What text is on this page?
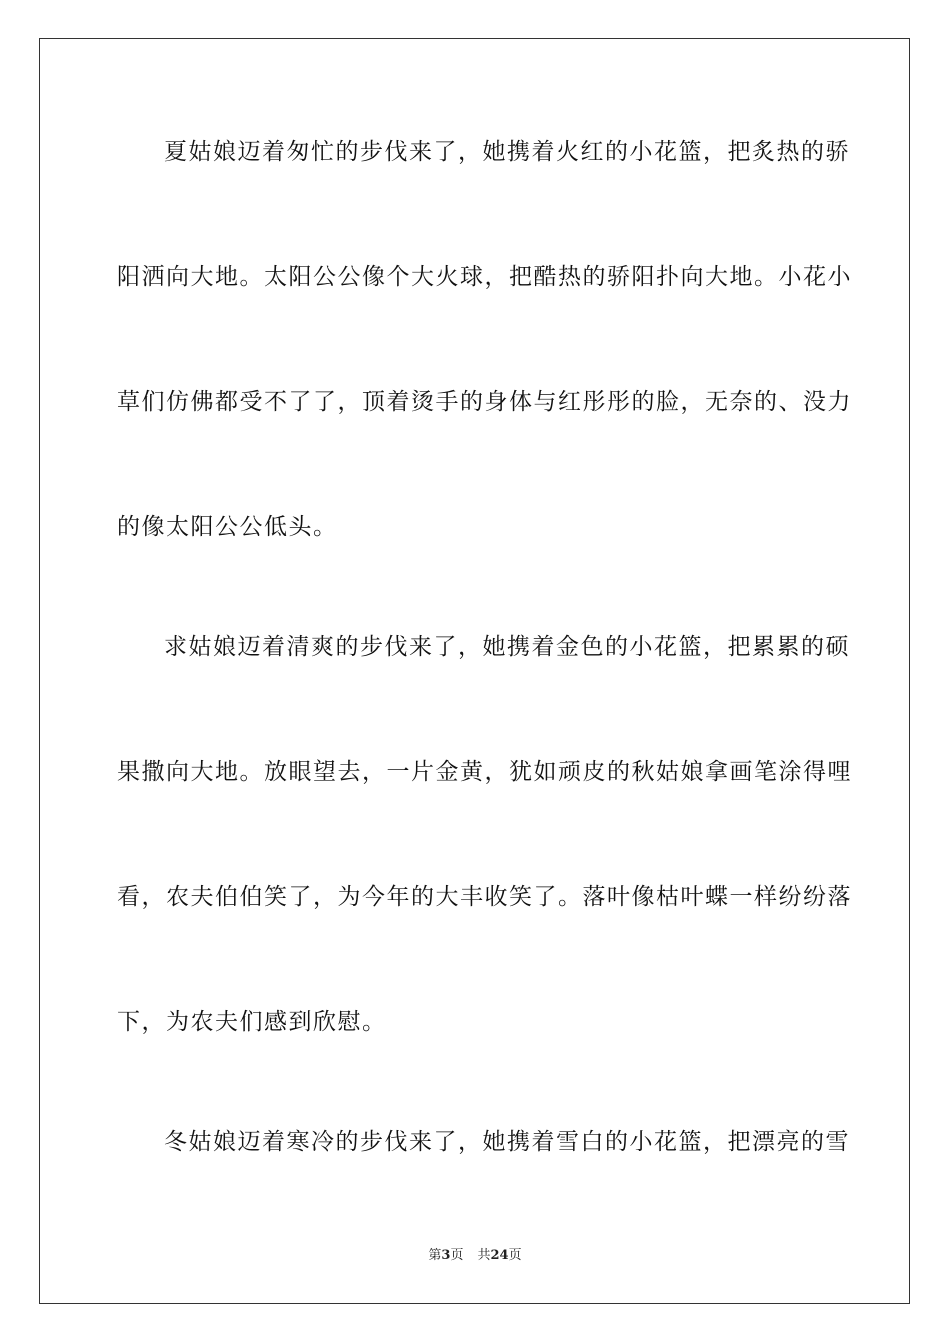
夏姑娘迈着匆忙的步伐来了，她携着火红的小花篮，把炙热的骄
阳洒向大地。太阳公公像个大火球，把酷热的骄阳扑向大地。小花小
草们仿佛都受不了了，顶着烫手的身体与红彤彤的脸，无奈的、没力
的像太阳公公低头。
求姑娘迈着清爽的步伐来了，她携着金色的小花篮，把累累的硕
果撒向大地。放眼望去，一片金黄，犹如顽皮的秋姑娘拿画笔涂得哩
看，农夫伯伯笑了，为今年的大丰收笑了。落叶像枯叶蝶一样纷纷落
下，为农夫们感到欣慰。
冬姑娘迈着寒冷的步伐来了，她携着雪白的小花篮，把漂亮的雪
第3页 共24页
